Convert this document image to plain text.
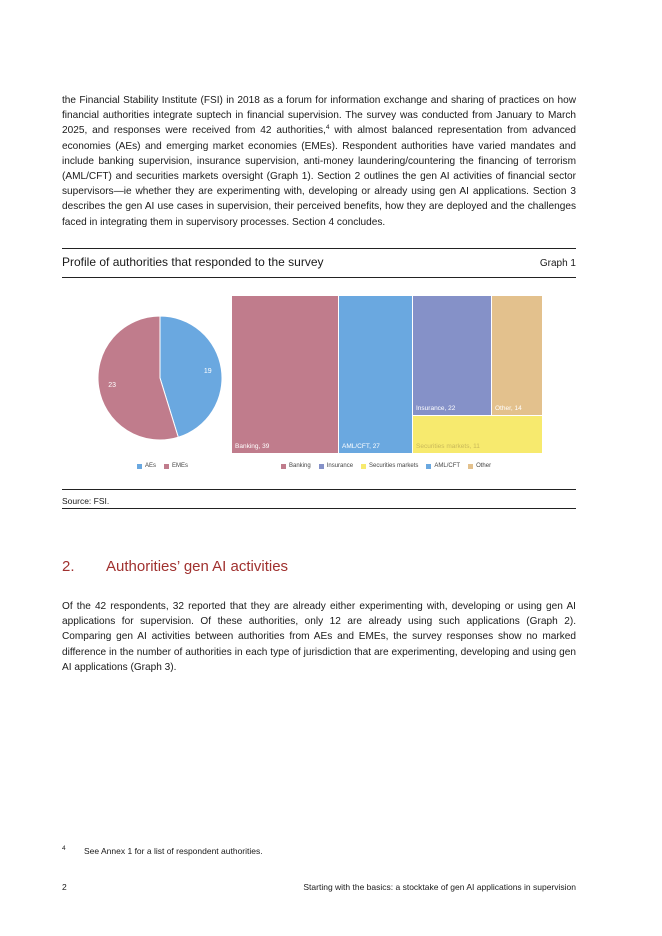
the Financial Stability Institute (FSI) in 2018 as a forum for information exchange and sharing of practices on how financial authorities integrate suptech in financial supervision. The survey was conducted from January to March 2025, and responses were received from 42 authorities,$^4$ with almost balanced representation from advanced economies (AEs) and emerging market economies (EMEs). Respondent authorities have varied mandates and include banking supervision, insurance supervision, anti-money laundering/countering the financing of terrorism (AML/CFT) and securities markets oversight (Graph 1). Section 2 outlines the gen AI activities of financial sector supervisors—ie whether they are experimenting with, developing or already using gen AI applications. Section 3 describes the gen AI use cases in supervision, their perceived benefits, how they are deployed and the challenges faced in integrating them in supervisory processes. Section 4 concludes.

Profile of authorities that responded to the survey	Graph 1
19
23
AEs	EMEs
Banking, 39	AML/CFT, 27
Insurance, 22	Other, 14
Securities markets, 11
Banking	Insurance	Securities markets	AML/CFT	Other
Source: FSI.
2. Authorities’ gen AI activities

Of the 42 respondents, 32 reported that they are already either experimenting with, developing or using gen AI applications for supervision. Of these authorities, only 12 are already using such applications (Graph 2). Comparing gen AI activities between authorities from AEs and EMEs, the survey responses show no marked difference in the number of authorities in each type of jurisdiction that are experimenting, developing and using gen AI applications (Graph 3).

4 See Annex 1 for a list of respondent authorities.
2	Starting with the basics: a stocktake of gen AI applications in supervision
